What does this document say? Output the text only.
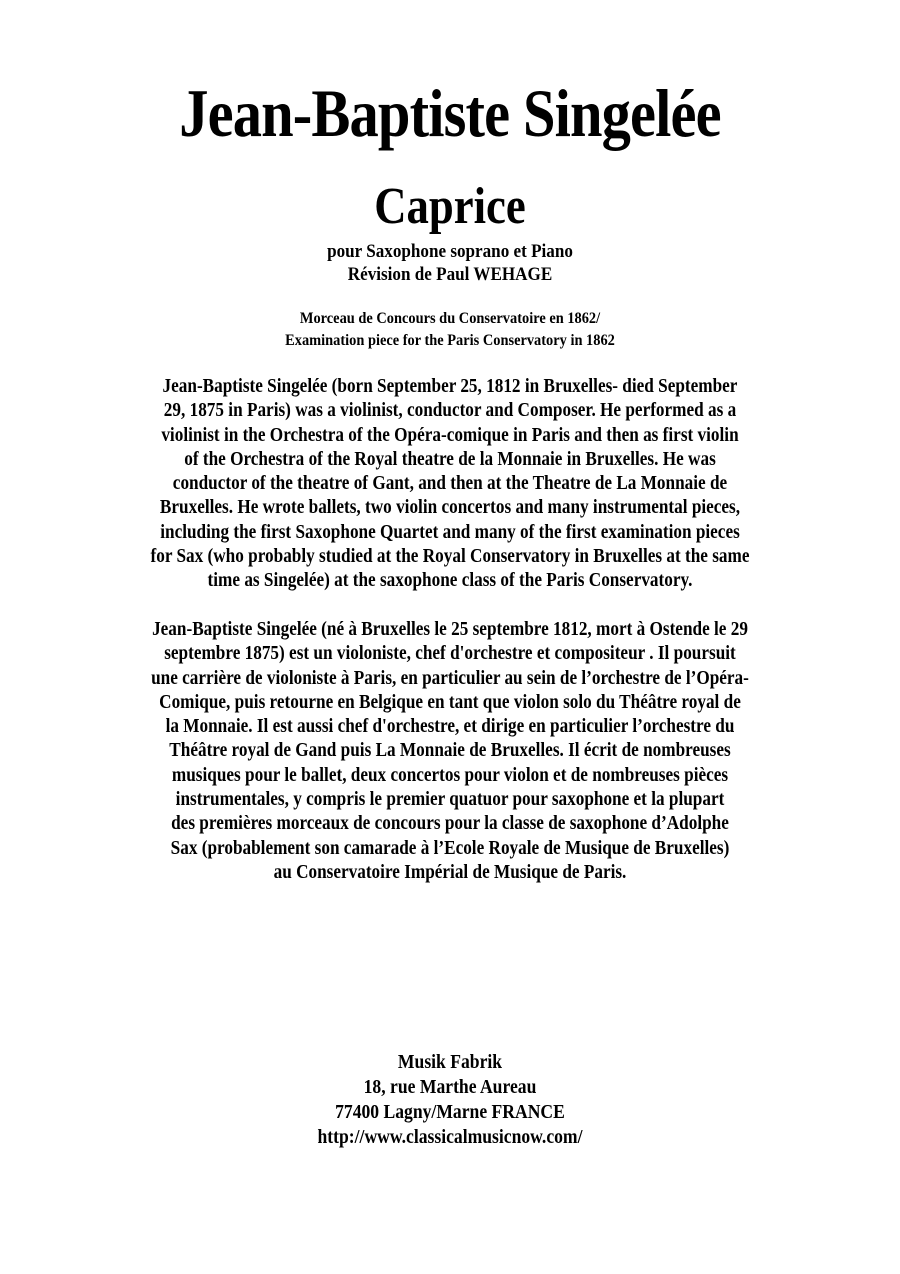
Jean-Baptiste Singelée
Caprice
pour Saxophone soprano et Piano
Révision de Paul WEHAGE
Morceau de Concours du Conservatoire en 1862/
Examination piece for the Paris Conservatory in 1862
Jean-Baptiste Singelée (born September 25, 1812 in Bruxelles- died September
29, 1875 in Paris) was a violinist, conductor and Composer. He performed as a
violinist in the Orchestra of the Opéra-comique in Paris and then as first violin
of the Orchestra of the Royal theatre de la Monnaie in Bruxelles. He was
conductor of the theatre of Gant, and then at the Theatre de La Monnaie de
Bruxelles. He wrote ballets, two violin concertos and many instrumental pieces,
including the first Saxophone Quartet and many of the first examination pieces
for Sax (who probably studied at the Royal Conservatory in Bruxelles at the same
time as Singelée) at the saxophone class of the Paris Conservatory.
Jean-Baptiste Singelée (né à Bruxelles le 25 septembre 1812, mort à Ostende le 29
septembre 1875) est un violoniste, chef d'orchestre et compositeur . Il poursuit
une carrière de violoniste à Paris, en particulier au sein de l’orchestre de l’Opéra-
Comique, puis retourne en Belgique en tant que violon solo du Théâtre royal de
la Monnaie. Il est aussi chef d'orchestre, et dirige en particulier l’orchestre du
Théâtre royal de Gand puis La Monnaie de Bruxelles. Il écrit de nombreuses
musiques pour le ballet, deux concertos pour violon et de nombreuses pièces
instrumentales, y compris le premier quatuor pour saxophone et la plupart
des premières morceaux de concours pour la classe de saxophone d’Adolphe
Sax (probablement son camarade à l’Ecole Royale de Musique de Bruxelles)
au Conservatoire Impérial de Musique de Paris.
Musik Fabrik
18, rue Marthe Aureau
77400 Lagny/Marne FRANCE
http://www.classicalmusicnow.com/
